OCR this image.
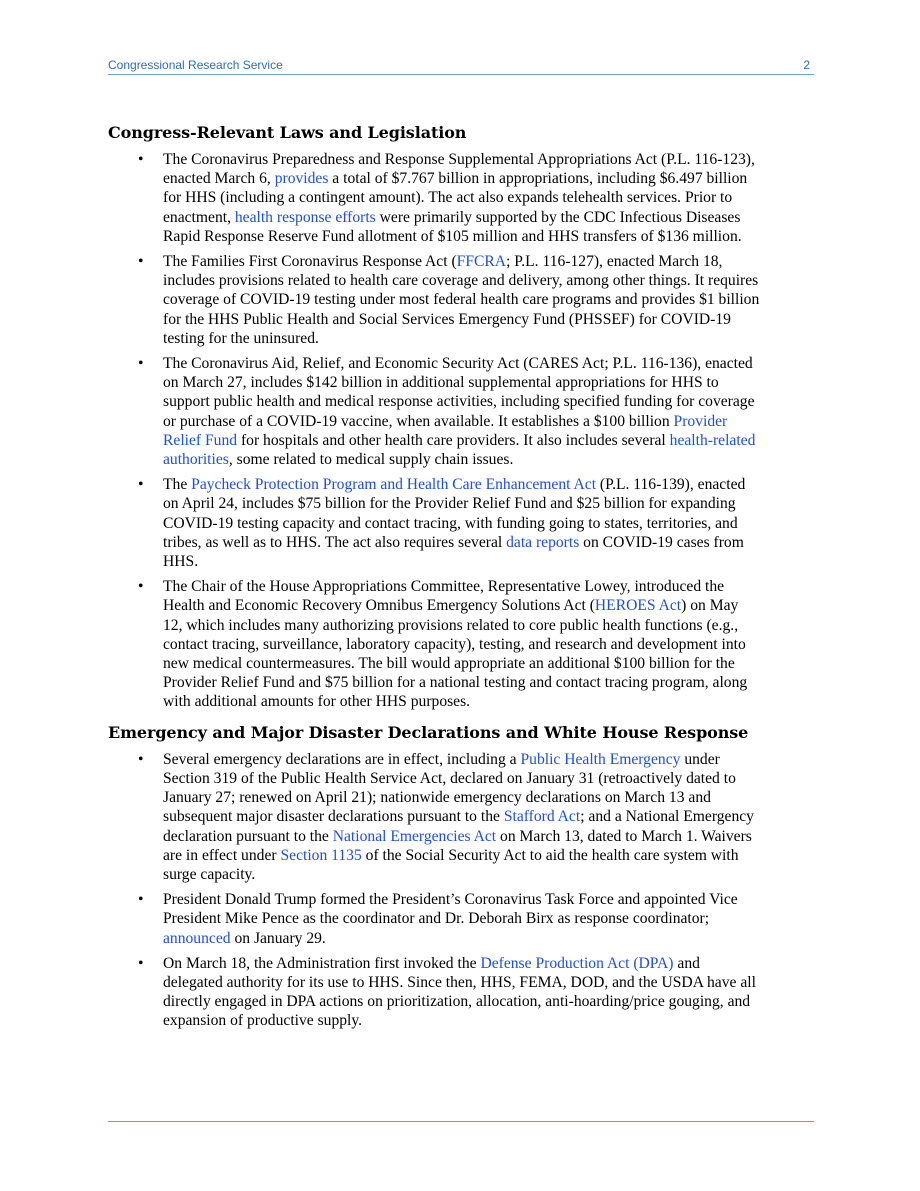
Congressional Research Service	2
Congress-Relevant Laws and Legislation
• The Coronavirus Preparedness and Response Supplemental Appropriations Act (P.L. 116-123), enacted March 6, provides a total of $7.767 billion in appropriations, including $6.497 billion for HHS (including a contingent amount). The act also expands telehealth services. Prior to enactment, health response efforts were primarily supported by the CDC Infectious Diseases Rapid Response Reserve Fund allotment of $105 million and HHS transfers of $136 million.
• The Families First Coronavirus Response Act (FFCRA; P.L. 116-127), enacted March 18, includes provisions related to health care coverage and delivery, among other things. It requires coverage of COVID-19 testing under most federal health care programs and provides $1 billion for the HHS Public Health and Social Services Emergency Fund (PHSSEF) for COVID-19 testing for the uninsured.
• The Coronavirus Aid, Relief, and Economic Security Act (CARES Act; P.L. 116-136), enacted on March 27, includes $142 billion in additional supplemental appropriations for HHS to support public health and medical response activities, including specified funding for coverage or purchase of a COVID-19 vaccine, when available. It establishes a $100 billion Provider Relief Fund for hospitals and other health care providers. It also includes several health-related authorities, some related to medical supply chain issues.
• The Paycheck Protection Program and Health Care Enhancement Act (P.L. 116-139), enacted on April 24, includes $75 billion for the Provider Relief Fund and $25 billion for expanding COVID-19 testing capacity and contact tracing, with funding going to states, territories, and tribes, as well as to HHS. The act also requires several data reports on COVID-19 cases from HHS.
• The Chair of the House Appropriations Committee, Representative Lowey, introduced the Health and Economic Recovery Omnibus Emergency Solutions Act (HEROES Act) on May 12, which includes many authorizing provisions related to core public health functions (e.g., contact tracing, surveillance, laboratory capacity), testing, and research and development into new medical countermeasures. The bill would appropriate an additional $100 billion for the Provider Relief Fund and $75 billion for a national testing and contact tracing program, along with additional amounts for other HHS purposes.
Emergency and Major Disaster Declarations and White House Response
• Several emergency declarations are in effect, including a Public Health Emergency under Section 319 of the Public Health Service Act, declared on January 31 (retroactively dated to January 27; renewed on April 21); nationwide emergency declarations on March 13 and subsequent major disaster declarations pursuant to the Stafford Act; and a National Emergency declaration pursuant to the National Emergencies Act on March 13, dated to March 1. Waivers are in effect under Section 1135 of the Social Security Act to aid the health care system with surge capacity.
• President Donald Trump formed the President’s Coronavirus Task Force and appointed Vice President Mike Pence as the coordinator and Dr. Deborah Birx as response coordinator; announced on January 29.
• On March 18, the Administration first invoked the Defense Production Act (DPA) and delegated authority for its use to HHS. Since then, HHS, FEMA, DOD, and the USDA have all directly engaged in DPA actions on prioritization, allocation, anti-hoarding/price gouging, and expansion of productive supply.
